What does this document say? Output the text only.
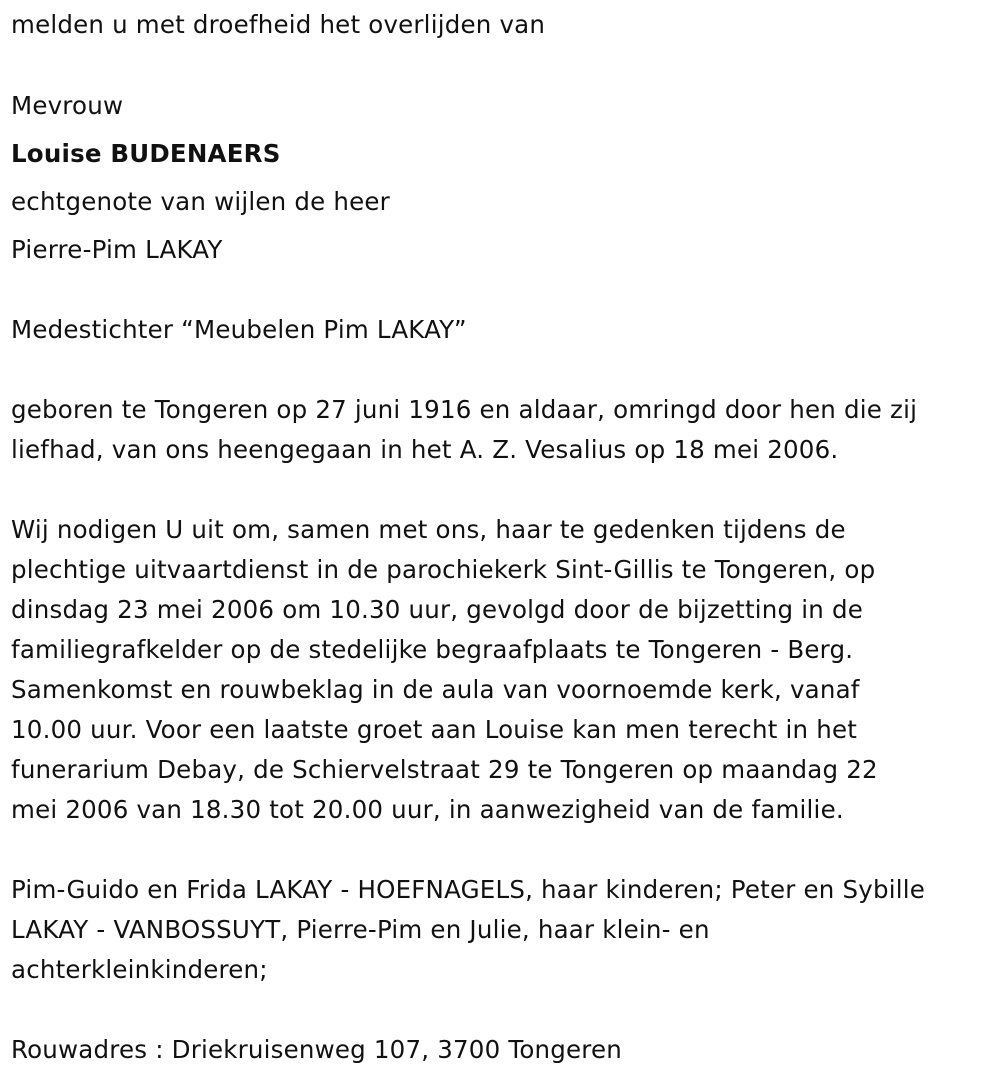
melden u met droefheid het overlijden van
Mevrouw
Louise BUDENAERS
echtgenote van wijlen de heer
Pierre-Pim LAKAY
Medestichter “Meubelen Pim LAKAY”
geboren te Tongeren op 27 juni 1916 en aldaar, omringd door hen die zij
liefhad, van ons heengegaan in het A. Z. Vesalius op 18 mei 2006.
Wij nodigen U uit om, samen met ons, haar te gedenken tijdens de
plechtige uitvaartdienst in de parochiekerk Sint-Gillis te Tongeren, op
dinsdag 23 mei 2006 om 10.30 uur, gevolgd door de bijzetting in de
familiegrafkelder op de stedelijke begraafplaats te Tongeren - Berg.
Samenkomst en rouwbeklag in de aula van voornoemde kerk, vanaf
10.00 uur. Voor een laatste groet aan Louise kan men terecht in het
funerarium Debay, de Schiervelstraat 29 te Tongeren op maandag 22
mei 2006 van 18.30 tot 20.00 uur, in aanwezigheid van de familie.
Pim-Guido en Frida LAKAY - HOEFNAGELS, haar kinderen; Peter en Sybille
LAKAY - VANBOSSUYT, Pierre-Pim en Julie, haar klein- en
achterkleinkinderen;
Rouwadres : Driekruisenweg 107, 3700 Tongeren
